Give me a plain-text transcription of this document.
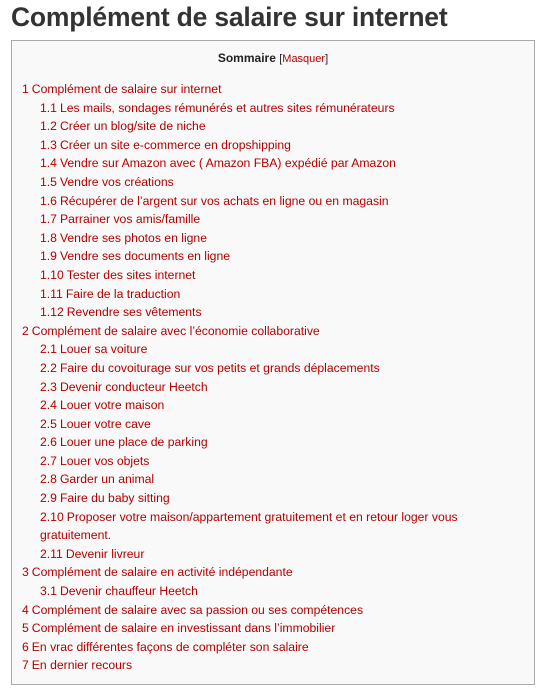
Complément de salaire sur internet
Sommaire [Masquer]
1 Complément de salaire sur internet
1.1 Les mails, sondages rémunérés et autres sites rémunérateurs
1.2 Créer un blog/site de niche
1.3 Créer un site e-commerce en dropshipping
1.4 Vendre sur Amazon avec ( Amazon FBA) expédié par Amazon
1.5 Vendre vos créations
1.6 Récupérer de l’argent sur vos achats en ligne ou en magasin
1.7 Parrainer vos amis/famille
1.8 Vendre ses photos en ligne
1.9 Vendre ses documents en ligne
1.10 Tester des sites internet
1.11 Faire de la traduction
1.12 Revendre ses vêtements
2 Complément de salaire avec l’économie collaborative
2.1 Louer sa voiture
2.2 Faire du covoiturage sur vos petits et grands déplacements
2.3 Devenir conducteur Heetch
2.4 Louer votre maison
2.5 Louer votre cave
2.6 Louer une place de parking
2.7 Louer vos objets
2.8 Garder un animal
2.9 Faire du baby sitting
2.10 Proposer votre maison/appartement gratuitement et en retour loger vous gratuitement.
2.11 Devenir livreur
3 Complément de salaire en activité indépendante
3.1 Devenir chauffeur Heetch
4 Complément de salaire avec sa passion ou ses compétences
5 Complément de salaire en investissant dans l’immobilier
6 En vrac différentes façons de compléter son salaire
7 En dernier recours
